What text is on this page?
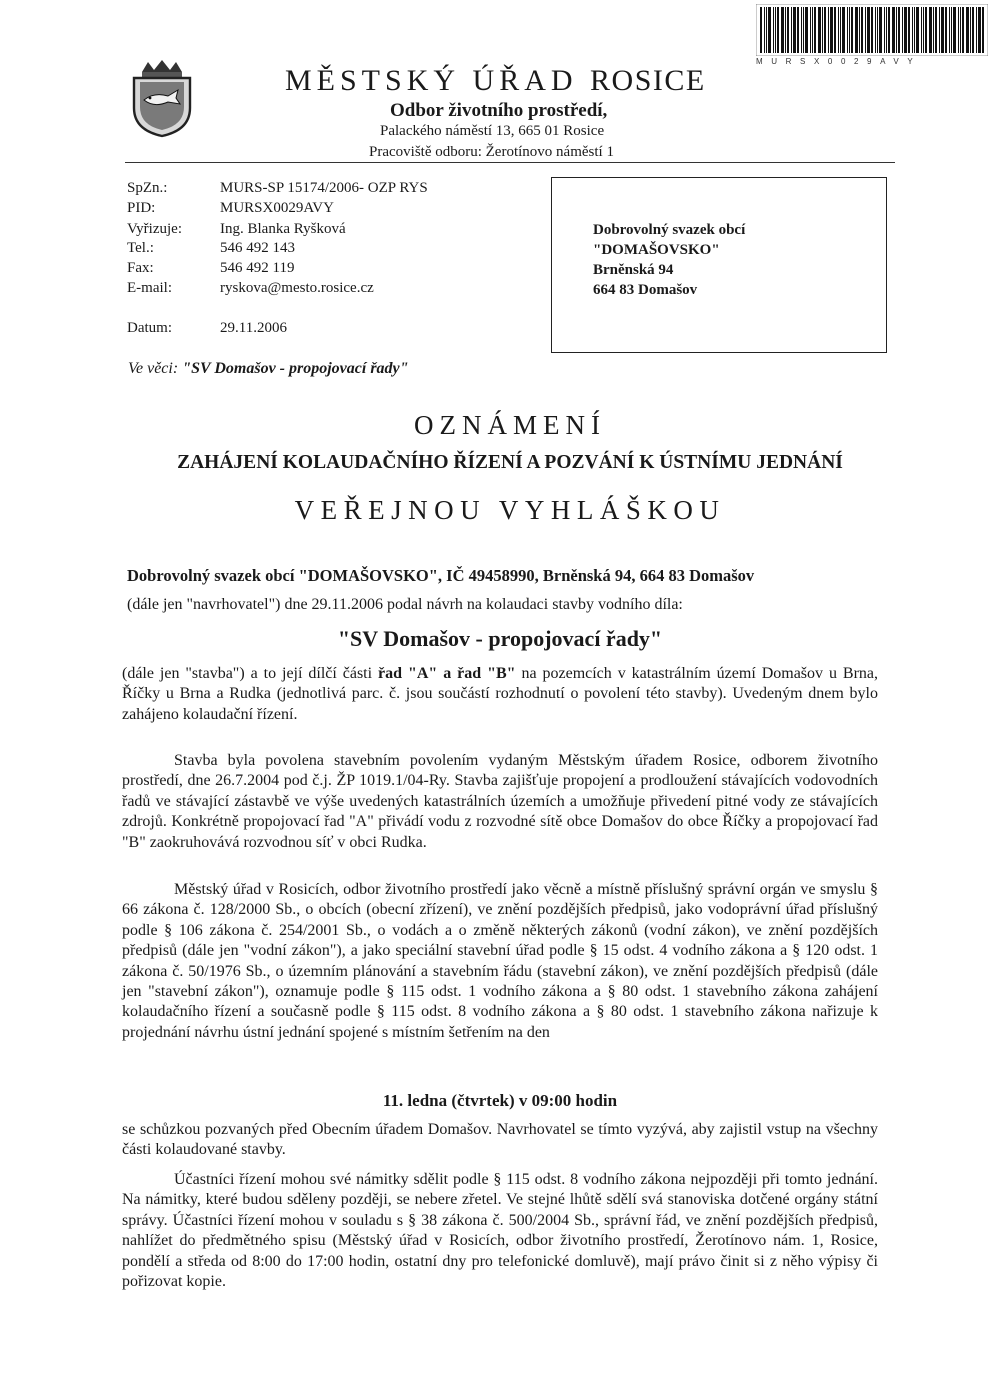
MURSX0029AVY
MĚSTSKÝ ÚŘAD ROSICE
Odbor životního prostředí,
Palackého náměstí 13, 665 01 Rosice
Pracoviště odboru: Žerotínovo náměstí 1
SpZn.:	MURS-SP 15174/2006- OZP RYS
PID:	MURSX0029AVY
Vyřizuje:	Ing. Blanka Ryšková
Tel.:	546 492 143
Fax:	546 492 119
E-mail:	ryskova@mesto.rosice.cz
Datum:	29.11.2006
Dobrovolný svazek obcí
"DOMAŠOVSKO"
Brněnská 94
664 83 Domašov
Ve věci: "SV Domašov - propojovací řady"
OZNÁMENÍ
ZAHÁJENÍ KOLAUDAČNÍHO ŘÍZENÍ A POZVÁNÍ K ÚSTNÍMU JEDNÁNÍ
VEŘEJNOU VYHLÁŠKOU
Dobrovolný svazek obcí "DOMAŠOVSKO", IČ 49458990, Brněnská 94, 664 83 Domašov
(dále jen "navrhovatel") dne 29.11.2006 podal návrh na kolaudaci stavby vodního díla:
"SV Domašov - propojovací řady"

(dále jen "stavba") a to její dílčí části řad "A" a řad "B" na pozemcích v katastrálním území Domašov u Brna, Říčky u Brna a Rudka (jednotlivá parc. č. jsou součástí rozhodnutí o povolení této stavby). Uvedeným dnem bylo zahájeno kolaudační řízení.

Stavba byla povolena stavebním povolením vydaným Městským úřadem Rosice, odborem životního prostředí, dne 26.7.2004 pod č.j. ŽP 1019.1/04-Ry. Stavba zajišťuje propojení a prodloužení stávajících vodovodních řadů ve stávající zástavbě ve výše uvedených katastrálních územích a umožňuje přivedení pitné vody ze stávajících zdrojů. Konkrétně propojovací řad "A" přivádí vodu z rozvodné sítě obce Domašov do obce Říčky a propojovací řad "B" zaokruhovává rozvodnou síť v obci Rudka.

Městský úřad v Rosicích, odbor životního prostředí jako věcně a místně příslušný správní orgán ve smyslu § 66 zákona č. 128/2000 Sb., o obcích (obecní zřízení), ve znění pozdějších předpisů, jako vodoprávní úřad příslušný podle § 106 zákona č. 254/2001 Sb., o vodách a o změně některých zákonů (vodní zákon), ve znění pozdějších předpisů (dále jen "vodní zákon"), a jako speciální stavební úřad podle § 15 odst. 4 vodního zákona a § 120 odst. 1 zákona č. 50/1976 Sb., o územním plánování a stavebním řádu (stavební zákon), ve znění pozdějších předpisů (dále jen "stavební zákon"), oznamuje podle § 115 odst. 1 vodního zákona a § 80 odst. 1 stavebního zákona zahájení kolaudačního řízení a současně podle § 115 odst. 8 vodního zákona a § 80 odst. 1 stavebního zákona nařizuje k projednání návrhu ústní jednání spojené s místním šetřením na den

11. ledna (čtvrtek) v 09:00 hodin

se schůzkou pozvaných před Obecním úřadem Domašov. Navrhovatel se tímto vyzývá, aby zajistil vstup na všechny části kolaudované stavby.

Účastníci řízení mohou své námitky sdělit podle § 115 odst. 8 vodního zákona nejpozději při tomto jednání. Na námitky, které budou sděleny později, se nebere zřetel. Ve stejné lhůtě sdělí svá stanoviska dotčené orgány státní správy. Účastníci řízení mohou v souladu s § 38 zákona č. 500/2004 Sb., správní řád, ve znění pozdějších předpisů, nahlížet do předmětného spisu (Městský úřad v Rosicích, odbor životního prostředí, Žerotínovo nám. 1, Rosice, pondělí a středa od 8:00 do 17:00 hodin, ostatní dny pro telefonické domluvě), mají právo činit si z něho výpisy či pořizovat kopie.
